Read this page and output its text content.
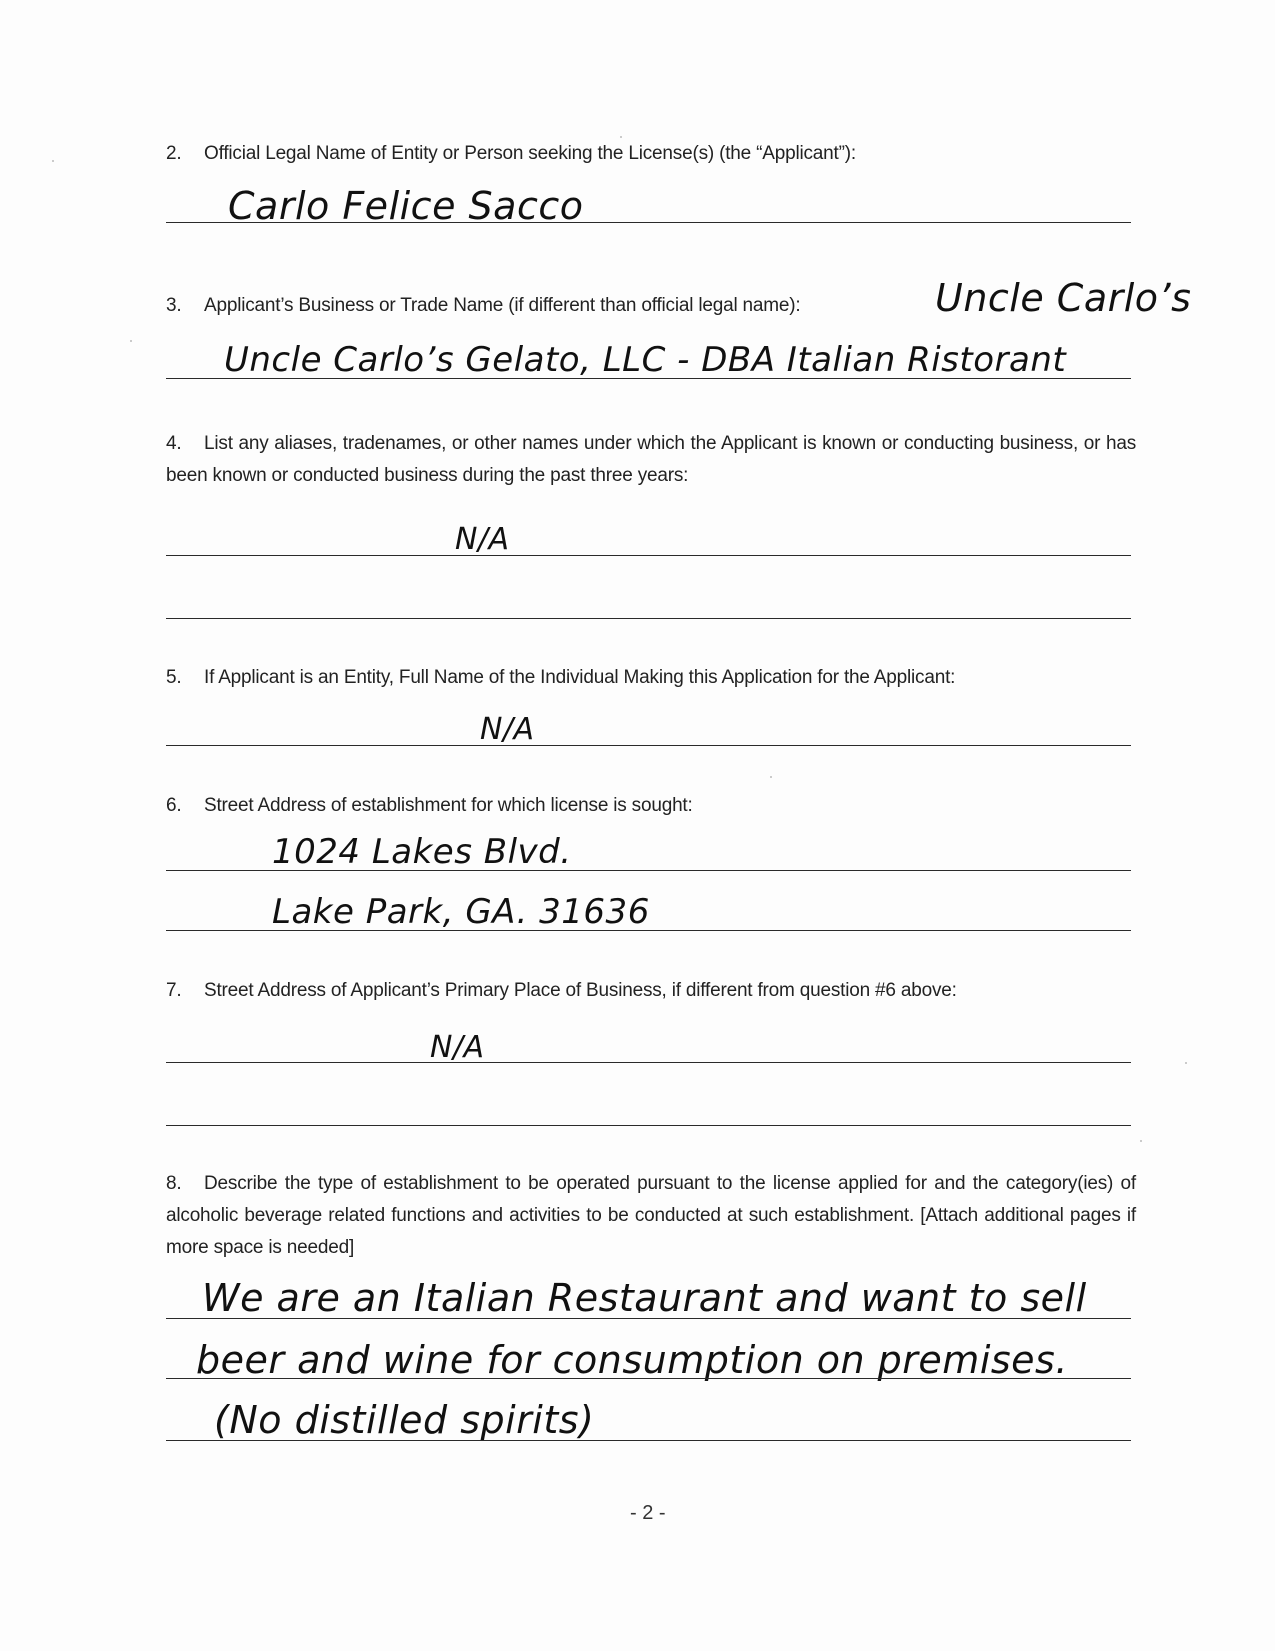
2. Official Legal Name of Entity or Person seeking the License(s) (the “Applicant”):
Carlo Felice Sacco
3. Applicant’s Business or Trade Name (if different than official legal name):	Uncle Carlo’s
Uncle Carlo’s Gelato, LLC - DBA Italian Ristorant
4. List any aliases, tradenames, or other names under which the Applicant is known or conducting business, or has been known or conducted business during the past three years:
N/A
5. If Applicant is an Entity, Full Name of the Individual Making this Application for the Applicant:
N/A
6. Street Address of establishment for which license is sought:
1024 Lakes Blvd.
Lake Park, GA. 31636
7. Street Address of Applicant’s Primary Place of Business, if different from question #6 above:
N/A
8. Describe the type of establishment to be operated pursuant to the license applied for and the category(ies) of alcoholic beverage related functions and activities to be conducted at such establishment. [Attach additional pages if more space is needed]
We are an Italian Restaurant and want to sell
beer and wine for consumption on premises.
(No distilled spirits)
- 2 -
